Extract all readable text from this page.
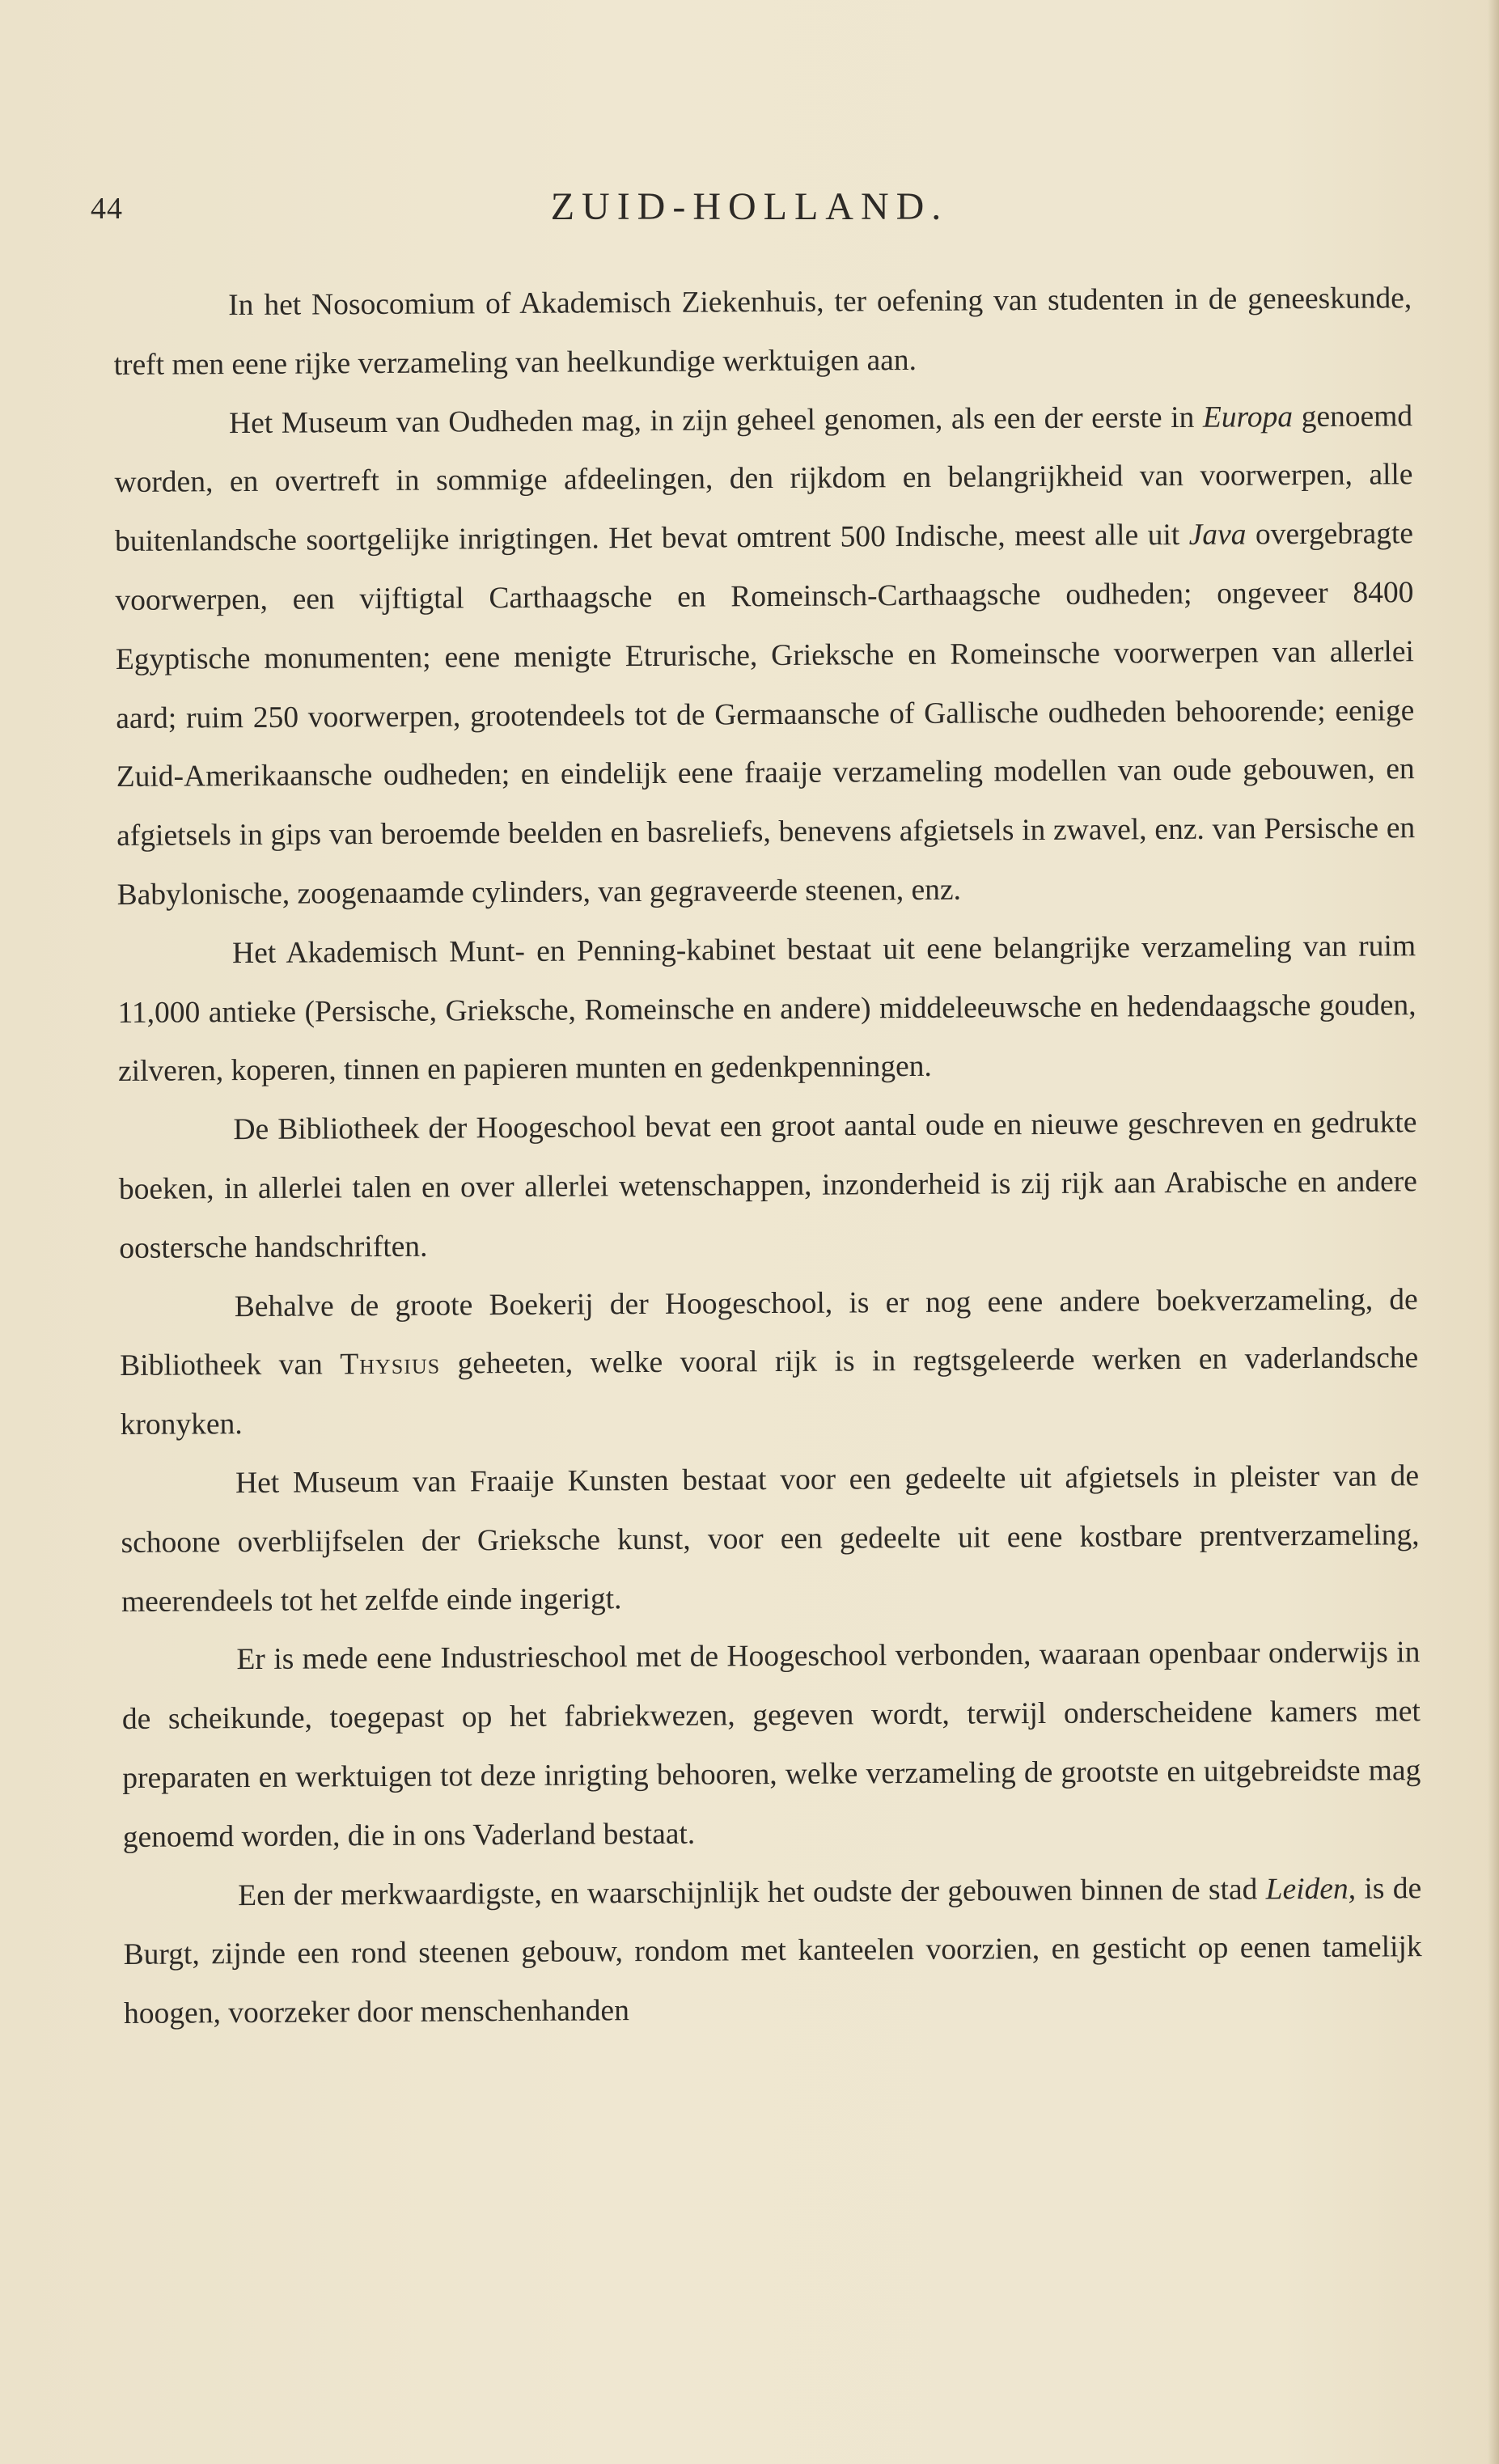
44	ZUID-HOLLAND.

In het Nosocomium of Akademisch Ziekenhuis, ter oefening van studenten in de geneeskunde, treft men eene rijke verzameling van heelkundige werktuigen aan.

Het Museum van Oudheden mag, in zijn geheel genomen, als een der eerste in Europa genoemd worden, en overtreft in sommige afdeelingen, den rijkdom en belangrijkheid van voorwerpen, alle buitenlandsche soortgelijke inrigtingen. Het bevat omtrent 500 Indische, meest alle uit Java overgebragte voorwerpen, een vijftigtal Carthaagsche en Romeinsch-Carthaagsche oudheden; ongeveer 8400 Egyptische monumenten; eene menigte Etrurische, Grieksche en Romeinsche voorwerpen van allerlei aard; ruim 250 voorwerpen, grootendeels tot de Germaansche of Gallische oudheden behoorende; eenige Zuid-Amerikaansche oudheden; en eindelijk eene fraaije verzameling modellen van oude gebouwen, en afgietsels in gips van beroemde beelden en basreliefs, benevens afgietsels in zwavel, enz. van Persische en Babylonische, zoogenaamde cylinders, van gegraveerde steenen, enz.

Het Akademisch Munt- en Penning-kabinet bestaat uit eene belangrijke verzameling van ruim 11,000 antieke (Persische, Grieksche, Romeinsche en andere) middeleeuwsche en hedendaagsche gouden, zilveren, koperen, tinnen en papieren munten en gedenkpenningen.

De Bibliotheek der Hoogeschool bevat een groot aantal oude en nieuwe geschreven en gedrukte boeken, in allerlei talen en over allerlei wetenschappen, inzonderheid is zij rijk aan Arabische en andere oostersche handschriften.

Behalve de groote Boekerij der Hoogeschool, is er nog eene andere boekverzameling, de Bibliotheek van Thysius geheeten, welke vooral rijk is in regtsgeleerde werken en vaderlandsche kronyken.

Het Museum van Fraaije Kunsten bestaat voor een gedeelte uit afgietsels in pleister van de schoone overblijfselen der Grieksche kunst, voor een gedeelte uit eene kostbare prentverzameling, meerendeels tot het zelfde einde ingerigt.

Er is mede eene Industrieschool met de Hoogeschool verbonden, waaraan openbaar onderwijs in de scheikunde, toegepast op het fabriekwezen, gegeven wordt, terwijl onderscheidene kamers met preparaten en werktuigen tot deze inrigting behooren, welke verzameling de grootste en uitgebreidste mag genoemd worden, die in ons Vaderland bestaat.

Een der merkwaardigste, en waarschijnlijk het oudste der gebouwen binnen de stad Leiden, is de Burgt, zijnde een rond steenen gebouw, rondom met kanteelen voorzien, en gesticht op eenen tamelijk hoogen, voorzeker door menschenhanden
